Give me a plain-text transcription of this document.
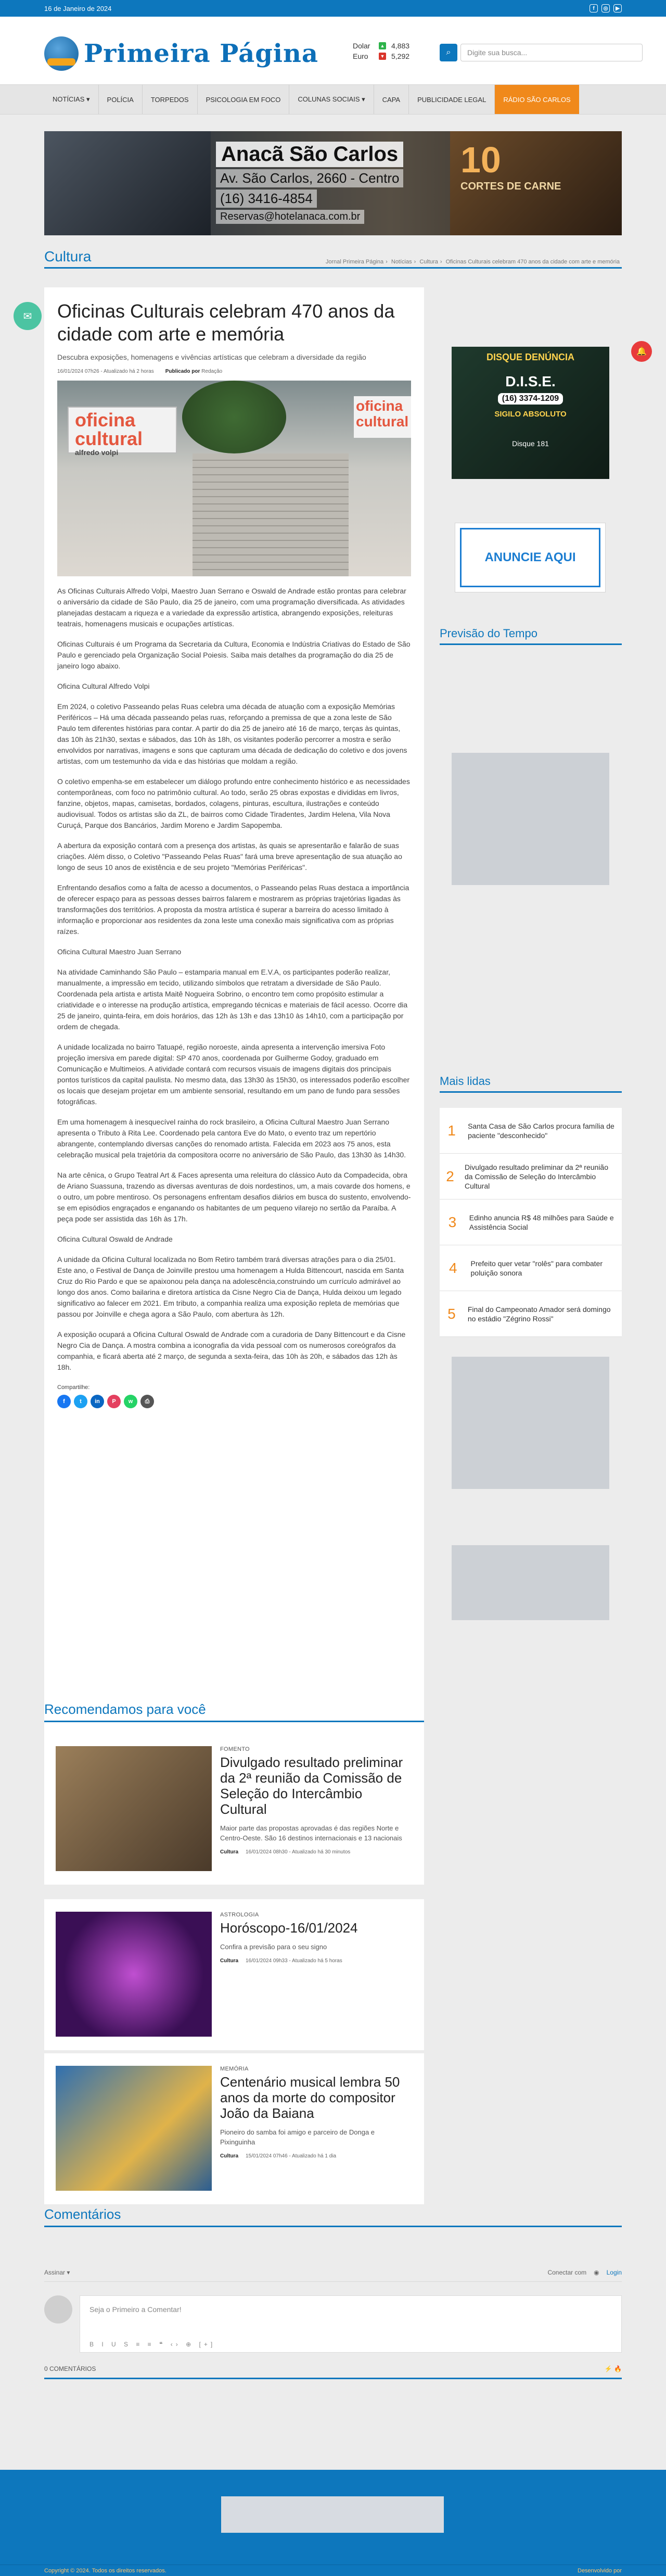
16 de Janeiro de 2024	f	◎	▶
Primeira Página	Dolar	▲ 4,883
Euro	▼ 5,292	⌕	Digite sua busca...
NOTÍCIAS ▾	POLÍCIA	TORPEDOS	PSICOLOGIA EM FOCO	COLUNAS SOCIAIS ▾	CAPA	PUBLICIDADE LEGAL	RÁDIO SÃO CARLOS
Anacã São Carlos
Av. São Carlos, 2660 - Centro
(16) 3416-4854
Reservas@hotelanaca.com.br
10
CORTES DE CARNE
Cultura	Jornal Primeira Página › Notícias › Cultura › Oficinas Culturais celebram 470 anos da cidade com arte e memória
✉
🔔
Oficinas Culturais celebram 470 anos da cidade com arte e memória
Descubra exposições, homenagens e vivências artísticas que celebram a diversidade da região
16/01/2024 07h26 - Atualizado há 2 horas Publicado por Redação
oficina cultural
alfredo volpi
oficina cultural

As Oficinas Culturais Alfredo Volpi, Maestro Juan Serrano e Oswald de Andrade estão prontas para celebrar o aniversário da cidade de São Paulo, dia 25 de janeiro, com uma programação diversificada. As atividades planejadas destacam a riqueza e a variedade da expressão artística, abrangendo exposições, releituras teatrais, homenagens musicais e ocupações artísticas.

Oficinas Culturais é um Programa da Secretaria da Cultura, Economia e Indústria Criativas do Estado de São Paulo e gerenciado pela Organização Social Poiesis. Saiba mais detalhes da programação do dia 25 de janeiro logo abaixo.

Oficina Cultural Alfredo Volpi

Em 2024, o coletivo Passeando pelas Ruas celebra uma década de atuação com a exposição Memórias Periféricos – Há uma década passeando pelas ruas, reforçando a premissa de que a zona leste de São Paulo tem diferentes histórias para contar. A partir do dia 25 de janeiro até 16 de março, terças às quintas, das 10h às 21h30, sextas e sábados, das 10h às 18h, os visitantes poderão percorrer a mostra e serão envolvidos por narrativas, imagens e sons que capturam uma década de dedicação do coletivo e dos jovens artistas, com um testemunho da vida e das histórias que moldam a região.

O coletivo empenha-se em estabelecer um diálogo profundo entre conhecimento histórico e as necessidades contemporâneas, com foco no patrimônio cultural. Ao todo, serão 25 obras expostas e divididas em livros, fanzine, objetos, mapas, camisetas, bordados, colagens, pinturas, escultura, ilustrações e conteúdo audiovisual. Todos os artistas são da ZL, de bairros como Cidade Tiradentes, Jardim Helena, Vila Nova Curuçá, Parque dos Bancários, Jardim Moreno e Jardim Sapopemba.

A abertura da exposição contará com a presença dos artistas, às quais se apresentarão e falarão de suas criações. Além disso, o Coletivo "Passeando Pelas Ruas" fará uma breve apresentação de sua atuação ao longo de seus 10 anos de existência e de seu projeto "Memórias Periféricas".

Enfrentando desafios como a falta de acesso a documentos, o Passeando pelas Ruas destaca a importância de oferecer espaço para as pessoas desses bairros falarem e mostrarem as próprias trajetórias ligadas às transformações dos territórios. A proposta da mostra artística é superar a barreira do acesso limitado à informação e proporcionar aos residentes da zona leste uma conexão mais significativa com as próprias raízes.

Oficina Cultural Maestro Juan Serrano

Na atividade Caminhando São Paulo – estamparia manual em E.V.A, os participantes poderão realizar, manualmente, a impressão em tecido, utilizando símbolos que retratam a diversidade de São Paulo. Coordenada pela artista e artista Maitê Nogueira Sobrino, o encontro tem como propósito estimular a criatividade e o interesse na produção artística, empregando técnicas e materiais de fácil acesso. Ocorre dia 25 de janeiro, quinta-feira, em dois horários, das 12h às 13h e das 13h10 às 14h10, com a participação por ordem de chegada.

A unidade localizada no bairro Tatuapé, região noroeste, ainda apresenta a intervenção imersiva Foto projeção imersiva em parede digital: SP 470 anos, coordenada por Guilherme Godoy, graduado em Comunicação e Multimeios. A atividade contará com recursos visuais de imagens digitais dos principais pontos turísticos da capital paulista. No mesmo data, das 13h30 às 15h30, os interessados poderão escolher os locais que desejam projetar em um ambiente sensorial, resultando em um pano de fundo para sessões fotográficas.

Em uma homenagem à inesquecível rainha do rock brasileiro, a Oficina Cultural Maestro Juan Serrano apresenta o Tributo à Rita Lee. Coordenado pela cantora Eve do Mato, o evento traz um repertório abrangente, contemplando diversas canções do renomado artista. Falecida em 2023 aos 75 anos, esta celebração musical pela trajetória da compositora ocorre no aniversário de São Paulo, das 13h30 às 14h30.

Na arte cênica, o Grupo Teatral Art & Faces apresenta uma releitura do clássico Auto da Compadecida, obra de Ariano Suassuna, trazendo as diversas aventuras de dois nordestinos, um, a mais covarde dos homens, e o outro, um pobre mentiroso. Os personagens enfrentam desafios diários em busca do sustento, envolvendo-se em episódios engraçados e enganando os habitantes de um pequeno vilarejo no sertão da Paraíba. A peça pode ser assistida das 16h às 17h.

Oficina Cultural Oswald de Andrade

A unidade da Oficina Cultural localizada no Bom Retiro também trará diversas atrações para o dia 25/01. Este ano, o Festival de Dança de Joinville prestou uma homenagem a Hulda Bittencourt, nascida em Santa Cruz do Rio Pardo e que se apaixonou pela dança na adolescência,construindo um currículo admirável ao longo dos anos. Como bailarina e diretora artística da Cisne Negro Cia de Dança, Hulda deixou um legado significativo ao falecer em 2021. Em tributo, a companhia realiza uma exposição repleta de memórias que passou por Joinville e chega agora a São Paulo, com abertura às 12h.

A exposição ocupará a Oficina Cultural Oswald de Andrade com a curadoria de Dany Bittencourt e da Cisne Negro Cia de Dança. A mostra combina a iconografia da vida pessoal com os numerosos coreógrafos da companhia, e ficará aberta até 2 março, de segunda a sexta-feira, das 10h às 20h, e sábados das 12h às 18h.

Compartilhe:
f	t	in	P	w	⎙
DISQUE DENÚNCIA
D.I.S.E.
(16) 3374-1209
SIGILO ABSOLUTO
Disque 181
ANUNCIE AQUI
Previsão do Tempo
Mais lidas
1	Santa Casa de São Carlos procura família de paciente "desconhecido"
2
Divulgado resultado preliminar da 2ª reunião da Comissão de Seleção do Intercâmbio Cultural
3	Edinho anuncia R$ 48 milhões para Saúde e Assistência Social
4	Prefeito quer vetar "rolês" para combater poluição sonora
5	Final do Campeonato Amador será domingo no estádio "Zégrino Rossi"
Recomendamos para você
FOMENTO
Divulgado resultado preliminar da 2ª reunião da Comissão de Seleção do Intercâmbio Cultural
Maior parte das propostas aprovadas é das regiões Norte e Centro-Oeste. São 16 destinos internacionais e 13 nacionais
Cultura 16/01/2024 08h30 - Atualizado há 30 minutos
ASTROLOGIA
Horóscopo-16/01/2024
Confira a previsão para o seu signo
Cultura 16/01/2024 09h33 - Atualizado há 5 horas
MEMÓRIA
Centenário musical lembra 50 anos da morte do compositor João da Baiana
Pioneiro do samba foi amigo e parceiro de Donga e Pixinguinha
Cultura 15/01/2024 07h46 - Atualizado há 1 dia
Comentários
Assinar ▾	Conectar com ◉ Login
Seja o Primeiro a Comentar!
B I U S ≡ ≡ ❝ ‹› ⊕ [+]
0 COMENTÁRIOS	⚡ 🔥
Copyright © 2024. Todos os direitos reservados.	Desenvolvido por
